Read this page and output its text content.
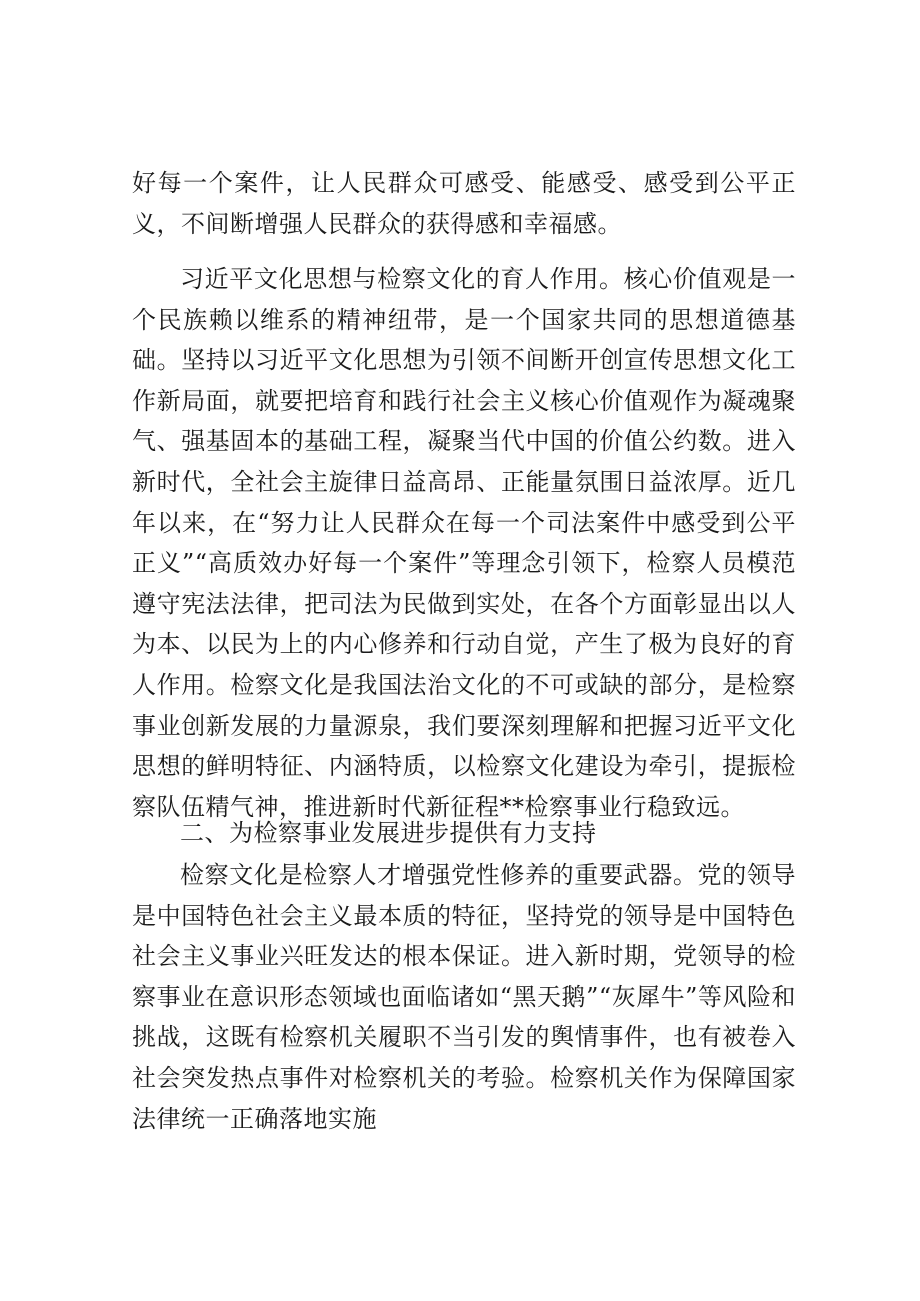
好每一个案件，让人民群众可感受、能感受、感受到公平正义，不间断增强人民群众的获得感和幸福感。

习近平文化思想与检察文化的育人作用。核心价值观是一个民族赖以维系的精神纽带，是一个国家共同的思想道德基础。坚持以习近平文化思想为引领不间断开创宣传思想文化工作新局面，就要把培育和践行社会主义核心价值观作为凝魂聚气、强基固本的基础工程，凝聚当代中国的价值公约数。进入新时代，全社会主旋律日益高昂、正能量氛围日益浓厚。近几年以来，在“努力让人民群众在每一个司法案件中感受到公平正义”“高质效办好每一个案件”等理念引领下，检察人员模范遵守宪法法律，把司法为民做到实处，在各个方面彰显出以人为本、以民为上的内心修养和行动自觉，产生了极为良好的育人作用。检察文化是我国法治文化的不可或缺的部分，是检察事业创新发展的力量源泉，我们要深刻理解和把握习近平文化思想的鲜明特征、内涵特质，以检察文化建设为牵引，提振检察队伍精气神，推进新时代新征程**检察事业行稳致远。

二、为检察事业发展进步提供有力支持

检察文化是检察人才增强党性修养的重要武器。党的领导是中国特色社会主义最本质的特征，坚持党的领导是中国特色社会主义事业兴旺发达的根本保证。进入新时期，党领导的检察事业在意识形态领域也面临诸如“黑天鹅”“灰犀牛”等风险和挑战，这既有检察机关履职不当引发的舆情事件，也有被卷入社会突发热点事件对检察机关的考验。检察机关作为保障国家法律统一正确落地实施
